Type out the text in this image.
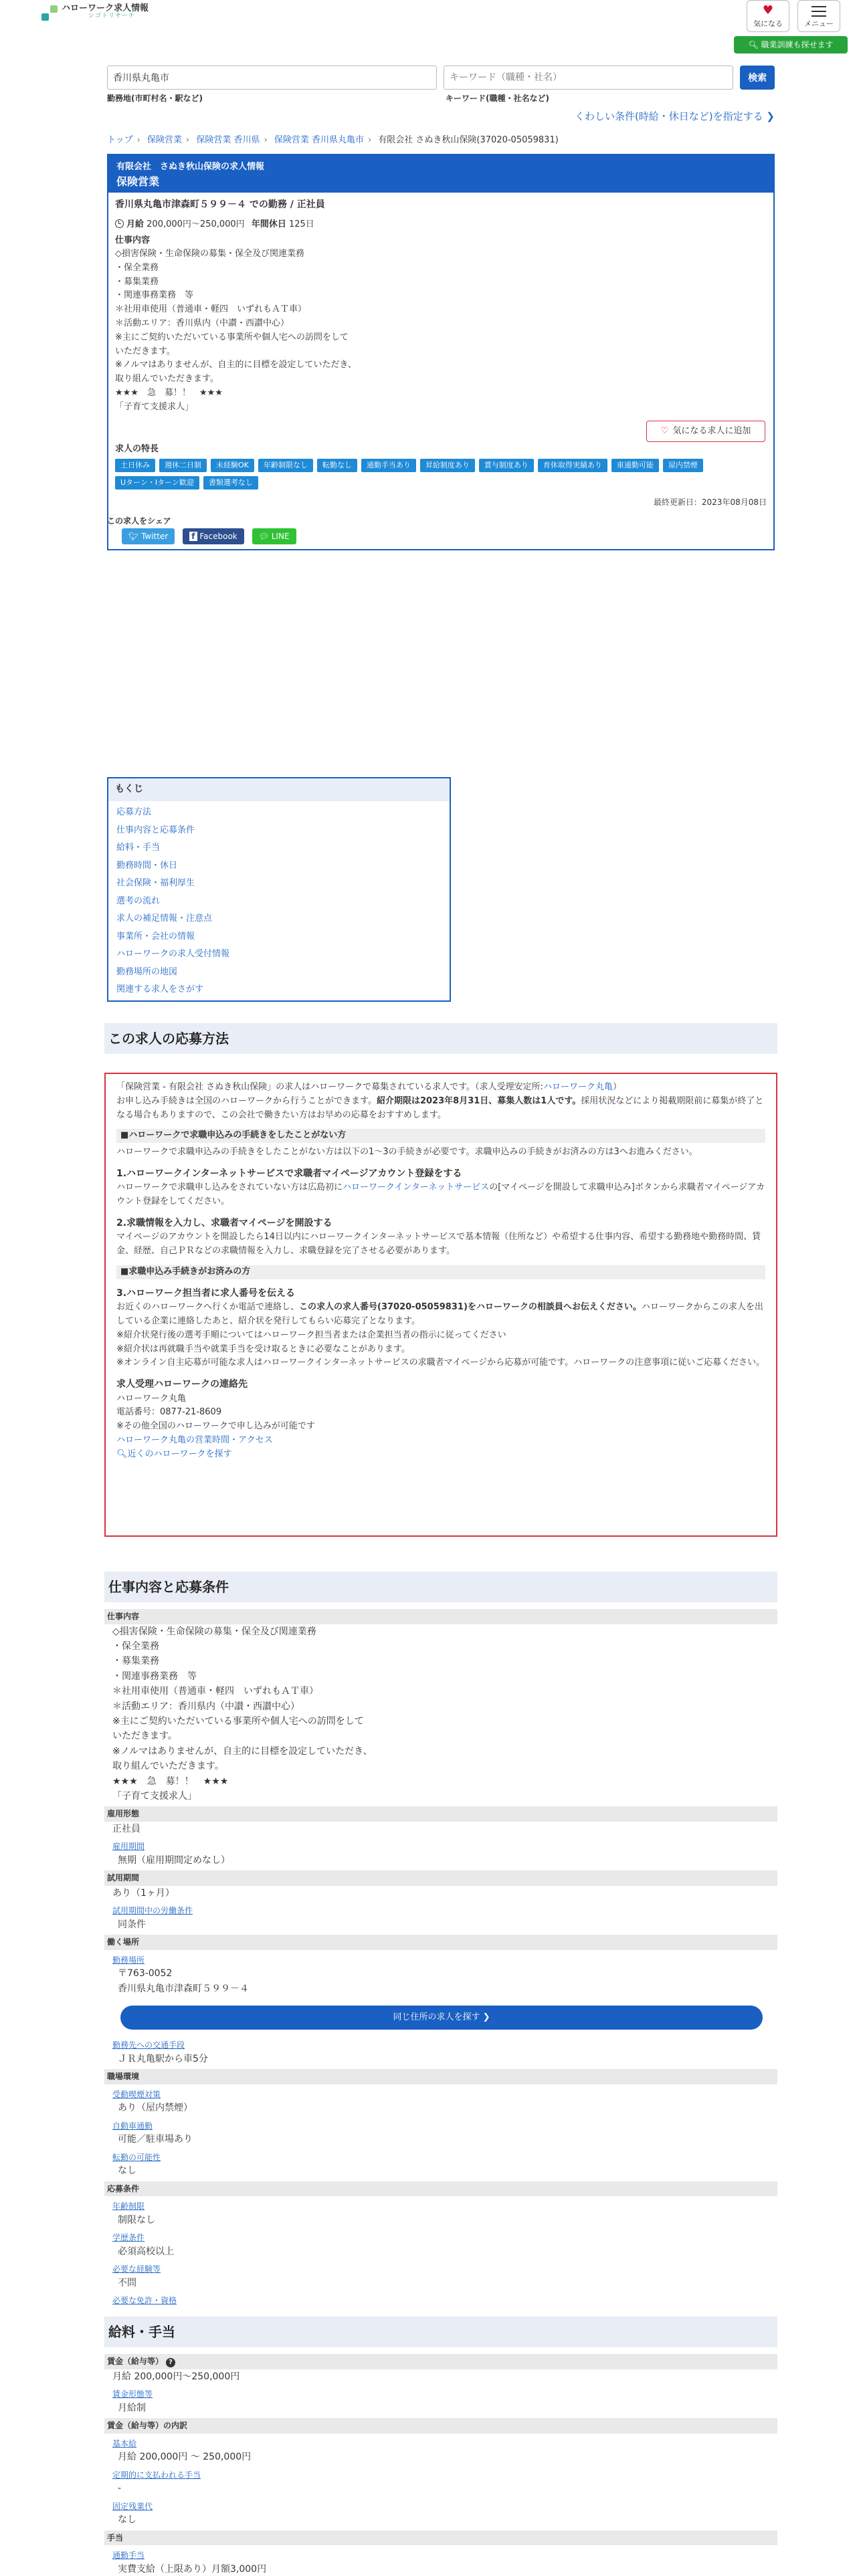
ハローワーク求人情報
シゴトリサーチ	♥
気になる	メニュー
🔍︎ 職業訓練も探せます
香川県丸亀市
キーワード（職種・社名）
検索
勤務地(市町村名・駅など)	キーワード(職種・社名など)
くわしい条件(時給・休日など)を指定する ❯
トップ › 保険営業 › 保険営業 香川県 › 保険営業 香川県丸亀市 › 有限会社 さぬき秋山保険(37020-05059831)
有限会社　さぬき秋山保険の求人情報
保険営業
香川県丸亀市津森町５９９－４ での勤務 / 正社員
月給 200,000円〜250,000円 年間休日 125日
仕事内容
◇損害保険・生命保険の募集・保全及び関連業務
・保全業務
・募集業務
・関連事務業務　等
＊社用車使用（普通車・軽四　いずれもＡＴ車）
＊活動エリア：香川県内（中讃・西讃中心）
※主にご契約いただいている事業所や個人宅への訪問をして
いただきます。
※ノルマはありませんが、自主的に目標を設定していただき、
取り組んでいただきます。
★★★　急　募！！　★★★
「子育て支援求人」
求人の特長
土日休み	週休二日制	未経験OK	年齢制限なし	転勤なし	通勤手当あり	昇給制度あり	賞与制度あり	育休取得実績あり	車通勤可能	屋内禁煙
Uターン・Iターン歓迎	書類選考なし
♡ 気になる求人に追加
最終更新日：2023年08月08日
この求人をシェア
🐦︎ Twitter	f Facebook	💬︎ LINE
もくじ
応募方法
仕事内容と応募条件
給料・手当
勤務時間・休日
社会保険・福利厚生
選考の流れ
求人の補足情報・注意点
事業所・会社の情報
ハローワークの求人受付情報
勤務場所の地図
関連する求人をさがす
この求人の応募方法

「保険営業 - 有限会社 さぬき秋山保険」の求人はハローワークで募集されている求人です。（求人受理安定所:ハローワーク丸亀）
お申し込み手続きは全国のハローワークから行うことができます。紹介期限は2023年8月31日、募集人数は1人です。採用状況などにより掲載期限前に募集が終了となる場合もありますので、この会社で働きたい方はお早めの応募をおすすめします。

■ハローワークで求職申込みの手続きをしたことがない方

ハローワークで求職申込みの手続きをしたことがない方は以下の1〜3の手続きが必要です。求職申込みの手続きがお済みの方は3へお進みください。

1.ハローワークインターネットサービスで求職者マイページアカウント登録をする

ハローワークで求職申し込みをされていない方は広島初にハローワークインターネットサービスの[マイページを開設して求職申込み]ボタンから求職者マイページアカウント登録をしてください。

2.求職情報を入力し、求職者マイページを開設する

マイページのアカウントを開設したら14日以内にハローワークインターネットサービスで基本情報（住所など）や希望する仕事内容、希望する勤務地や勤務時間、賃金、経歴、自己ＰＲなどの求職情報を入力し、求職登録を完了させる必要があります。

■求職申込み手続きがお済みの方
3.ハローワーク担当者に求人番号を伝える

お近くのハローワークへ行くか電話で連絡し、この求人の求人番号(37020-05059831)をハローワークの相談員へお伝えください。ハローワークからこの求人を出している企業に連絡したあと、紹介状を発行してもらい応募完了となります。
※紹介状発行後の選考手順についてはハローワーク担当者または企業担当者の指示に従ってください
※紹介状は再就職手当や就業手当を受け取るときに必要なことがあります。
※オンライン自主応募が可能な求人はハローワークインターネットサービスの求職者マイページから応募が可能です。ハローワークの注意事項に従いご応募ください。

求人受理ハローワークの連絡先

ハローワーク丸亀
電話番号：0877-21-8609
※その他全国のハローワークで申し込みが可能です
ハローワーク丸亀の営業時間・アクセス
🔍︎近くのハローワークを探す

仕事内容と応募条件
仕事内容
◇損害保険・生命保険の募集・保全及び関連業務
・保全業務
・募集業務
・関連事務業務　等
＊社用車使用（普通車・軽四　いずれもＡＴ車）
＊活動エリア：香川県内（中讃・西讃中心）
※主にご契約いただいている事業所や個人宅への訪問をして
いただきます。
※ノルマはありませんが、自主的に目標を設定していただき、
取り組んでいただきます。
★★★　急　募！！　★★★
「子育て支援求人」
雇用形態
正社員
雇用期間
無期（雇用期間定めなし）
試用期間
あり（1ヶ月）
試用期間中の労働条件
同条件
働く場所
勤務場所
〒763-0052
香川県丸亀市津森町５９９－４
同じ住所の求人を探す ❯
勤務先への交通手段
ＪＲ丸亀駅から車5分
職場環境
受動喫煙対策
あり（屋内禁煙）
自動車通勤
可能／駐車場あり
転勤の可能性
なし
応募条件
年齢制限
制限なし
学歴条件
必須高校以上
必要な経験等
不問
必要な免許・資格
給料・手当
賃金（給与等） ?
月給 200,000円〜250,000円
賃金形態等
月給制
賃金（給与等）の内訳
基本給
月給 200,000円 〜 250,000円
定期的に支払われる手当
-
固定残業代
なし
手当
通勤手当
実費支給（上限あり）月額3,000円
